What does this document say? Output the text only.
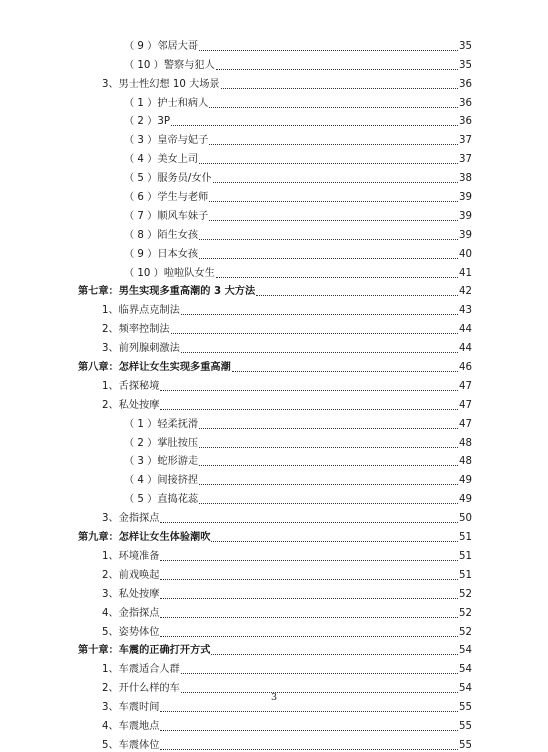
（ 9 ）邻居大哥	35
（ 10 ）警察与犯人	35
3、男士性幻想 10 大场景	36
（ 1 ）护士和病人	36
（ 2 ）3P	36
（ 3 ）皇帝与妃子	37
（ 4 ）美女上司	37
（ 5 ）服务员/女仆	38
（ 6 ）学生与老师	39
（ 7 ）顺风车妹子	39
（ 8 ）陌生女孩	39
（ 9 ）日本女孩	40
（ 10 ）啦啦队女生	41
第七章：男生实现多重高潮的 3 大方法	42
1、临界点克制法	43
2、频率控制法	44
3、前列腺刺激法	44
第八章：怎样让女生实现多重高潮	46
1、舌探秘境	47
2、私处按摩	47
（ 1 ）轻柔抚滑	47
（ 2 ）掌肚按压	48
（ 3 ）蛇形游走	48
（ 4 ）间接挤捏	49
（ 5 ）直捣花蕊	49
3、金指探点	50
第九章：怎样让女生体验潮吹	51
1、环境准备	51
2、前戏唤起	51
3、私处按摩	52
4、金指探点	52
5、姿势体位	52
第十章：车震的正确打开方式	54
1、车震适合人群	54
2、开什么样的车	54
3、车震时间	55
4、车震地点	55
5、车震体位	55
3
